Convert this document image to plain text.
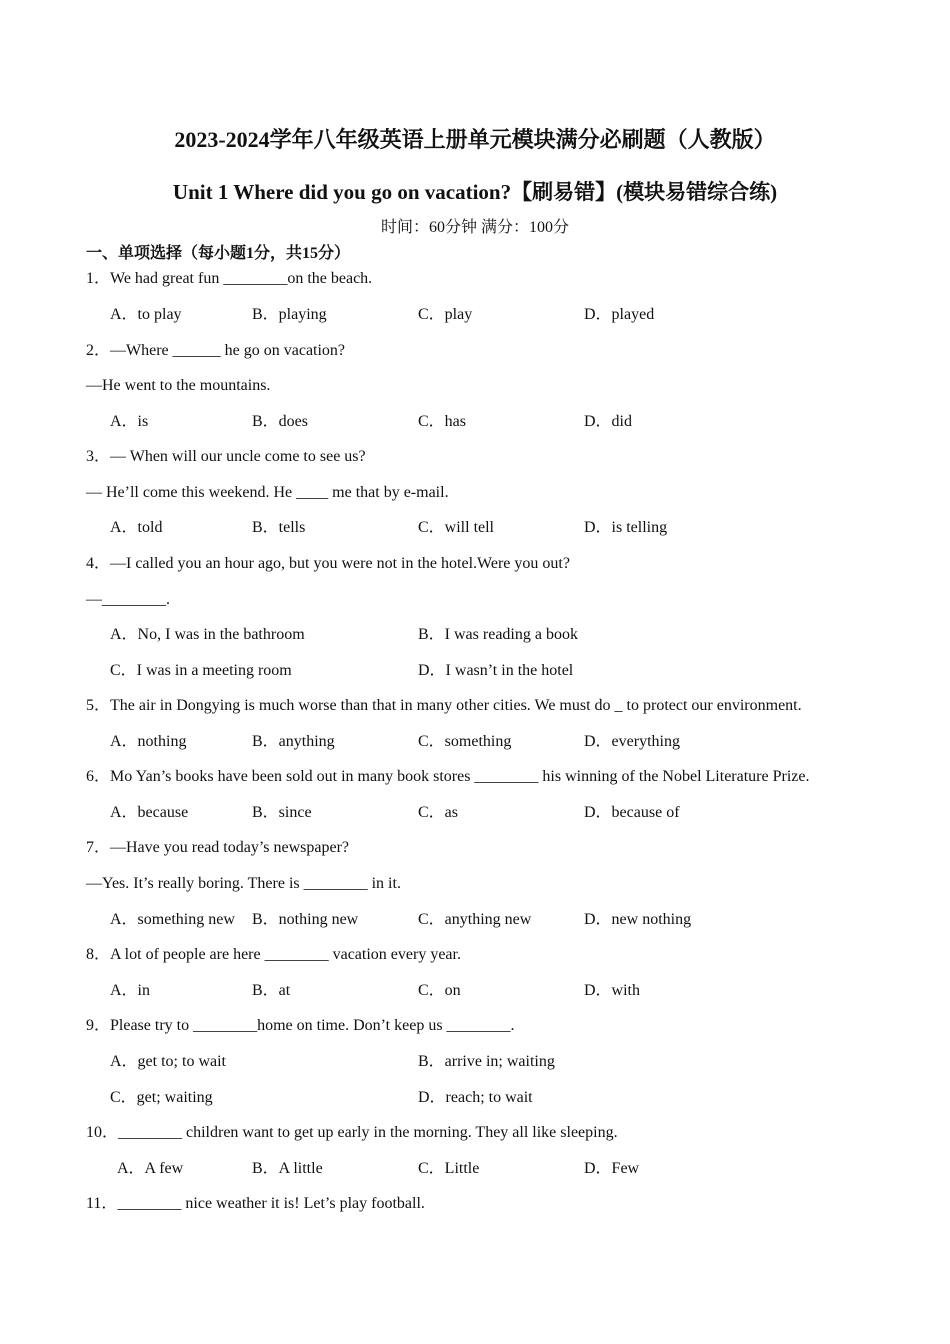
2023-2024学年八年级英语上册单元模块满分必刷题（人教版）
Unit 1 Where did you go on vacation?【刷易错】(模块易错综合练)
时间：60分钟 满分：100分
一、单项选择（每小题1分，共15分）
1．We had great fun ________on the beach.
A．to play	B．playing	C．play	D．played
2．—Where ______ he go on vacation?
—He went to the mountains.
A．is	B．does	C．has	D．did
3．— When will our uncle come to see us?
— He’ll come this weekend. He ____ me that by e-mail.
A．told	B．tells	C．will tell	D．is telling
4．—I called you an hour ago, but you were not in the hotel.Were you out?
—________.
A．No, I was in the bathroom	B．I was reading a book
C．I was in a meeting room	D．I wasn’t in the hotel
5．The air in Dongying is much worse than that in many other cities. We must do _ to protect our environment.
A．nothing	B．anything	C．something	D．everything
6．Mo Yan’s books have been sold out in many book stores ________ his winning of the Nobel Literature Prize.
A．because	B．since	C．as	D．because of
7．—Have you read today’s newspaper?
—Yes. It’s really boring. There is ________ in it.
A．something new B．nothing new	C．anything new	D．new nothing
8．A lot of people are here ________ vacation every year.
A．in	B．at	C．on	D．with
9．Please try to ________home on time. Don’t keep us ________.
A．get to; to wait	B．arrive in; waiting
C．get; waiting	D．reach; to wait
10．________ children want to get up early in the morning. They all like sleeping.
A．A few	B．A little	C．Little	D．Few
11．________ nice weather it is! Let’s play football.
